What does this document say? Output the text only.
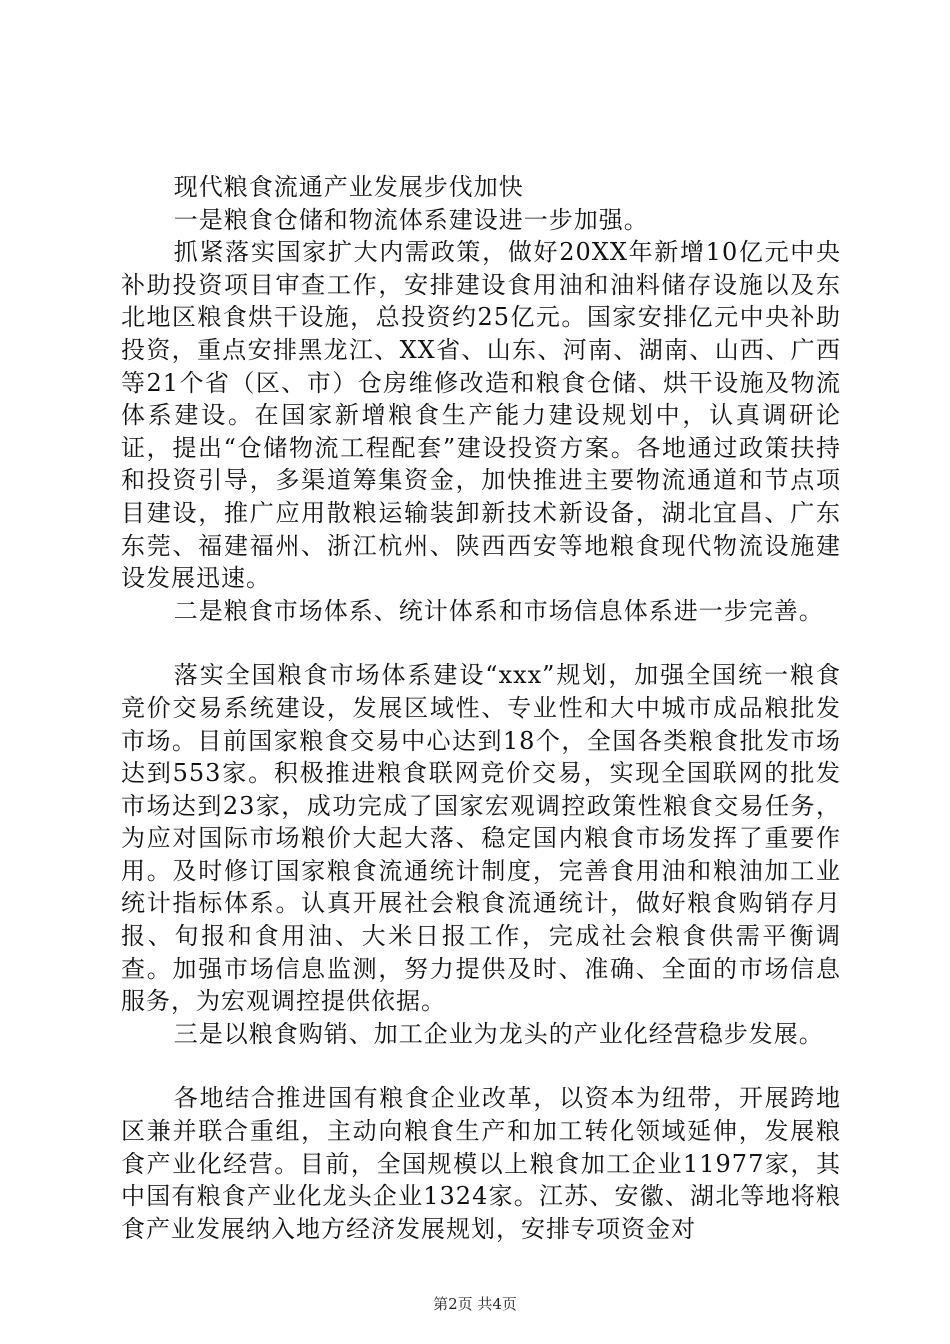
现代粮食流通产业发展步伐加快

一是粮食仓储和物流体系建设进一步加强。

抓紧落实国家扩大内需政策，做好20XX年新增10亿元中央补助投资项目审查工作，安排建设食用油和油料储存设施以及东北地区粮食烘干设施，总投资约25亿元。国家安排亿元中央补助投资，重点安排黑龙江、XX省、山东、河南、湖南、山西、广西等21个省（区、市）仓房维修改造和粮食仓储、烘干设施及物流体系建设。在国家新增粮食生产能力建设规划中，认真调研论证，提出“仓储物流工程配套”建设投资方案。各地通过政策扶持和投资引导，多渠道筹集资金，加快推进主要物流通道和节点项目建设，推广应用散粮运输装卸新技术新设备，湖北宜昌、广东东莞、福建福州、浙江杭州、陕西西安等地粮食现代物流设施建设发展迅速。

二是粮食市场体系、统计体系和市场信息体系进一步完善。

落实全国粮食市场体系建设“xxx”规划，加强全国统一粮食竞价交易系统建设，发展区域性、专业性和大中城市成品粮批发市场。目前国家粮食交易中心达到18个，全国各类粮食批发市场达到553家。积极推进粮食联网竞价交易，实现全国联网的批发市场达到23家，成功完成了国家宏观调控政策性粮食交易任务，为应对国际市场粮价大起大落、稳定国内粮食市场发挥了重要作用。及时修订国家粮食流通统计制度，完善食用油和粮油加工业统计指标体系。认真开展社会粮食流通统计，做好粮食购销存月报、旬报和食用油、大米日报工作，完成社会粮食供需平衡调查。加强市场信息监测，努力提供及时、准确、全面的市场信息服务，为宏观调控提供依据。

三是以粮食购销、加工企业为龙头的产业化经营稳步发展。

各地结合推进国有粮食企业改革，以资本为纽带，开展跨地区兼并联合重组，主动向粮食生产和加工转化领域延伸，发展粮食产业化经营。目前，全国规模以上粮食加工企业11977家，其中国有粮食产业化龙头企业1324家。江苏、安徽、湖北等地将粮食产业发展纳入地方经济发展规划，安排专项资金对

第2页 共4页
